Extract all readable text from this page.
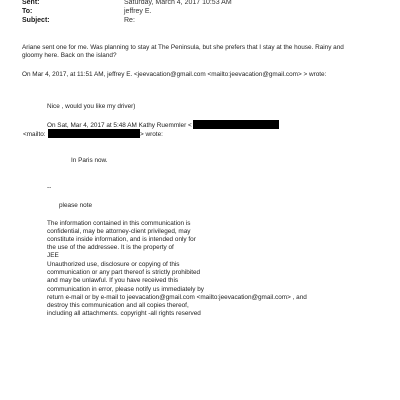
Sent:	Saturday, March 4, 2017 10:53 AM
To:	jeffrey E.
Subject:	Re:
Ariane sent one for me. Was planning to stay at The Peninsula, but she prefers that I stay at the house. Rainy and
gloomy here. Back on the island?
On Mar 4, 2017, at 11:51 AM, jeffrey E. <jeevacation@gmail.com <mailto:jeevacation@gmail.com> > wrote:
Nice , would you like my driver)
On Sat, Mar 4, 2017 at 5:48 AM Kathy Ruemmler <
<mailto:	> wrote:
In Paris now.
--
please note
The information contained in this communication is
confidential, may be attorney-client privileged, may
constitute inside information, and is intended only for
the use of the addressee. It is the property of
JEE
Unauthorized use, disclosure or copying of this
communication or any part thereof is strictly prohibited
and may be unlawful. If you have received this
communication in error, please notify us immediately by
return e-mail or by e-mail to jeevacation@gmail.com <mailto:jeevacation@gmail.com> , and
destroy this communication and all copies thereof,
including all attachments. copyright -all rights reserved
